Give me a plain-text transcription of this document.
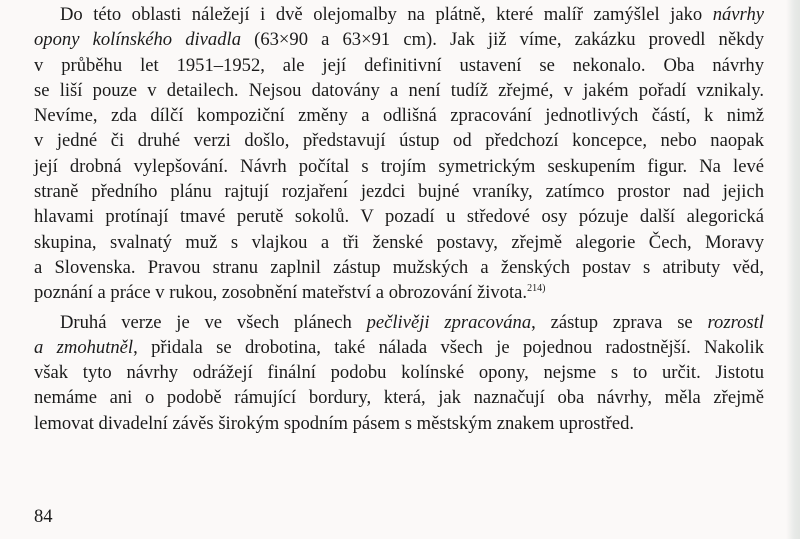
Do této oblasti náležejí i dvě olejomalby na plátně, které malíř zamýšlel jako návrhy
opony kolínského divadla (63×90 a 63×91 cm). Jak již víme, zakázku provedl někdy
v průběhu let 1951–1952, ale její definitivní ustavení se nekonalo. Oba návrhy
se liší pouze v detailech. Nejsou datovány a není tudíž zřejmé, v jakém pořadí vznikaly.
Nevíme, zda dílčí kompoziční změny a odlišná zpracování jednotlivých částí, k nimž
v jedné či druhé verzi došlo, představují ústup od předchozí koncepce, nebo naopak
její drobná vylepšování. Návrh počítal s trojím symetrickým seskupením figur. Na levé
straně předního plánu rajtují rozjařenı́ jezdci bujné vraníky, zatímco prostor nad jejich
hlavami protínají tmavé perutě sokolů. V pozadí u středové osy pózuje další alegorická
skupina, svalnatý muž s vlajkou a tři ženské postavy, zřejmě alegorie Čech, Moravy
a Slovenska. Pravou stranu zaplnil zástup mužských a ženských postav s atributy věd,
poznání a práce v rukou, zosobnění mateřství a obrozování života.$^{214)}$

Druhá verze je ve všech plánech pečlivěji zpracována, zástup zprava se rozrostl
a zmohutněl, přidala se drobotina, také nálada všech je pojednou radostnější. Nakolik
však tyto návrhy odrážejí finální podobu kolínské opony, nejsme s to určit. Jistotu
nemáme ani o podobě rámující bordury, která, jak naznačují oba návrhy, měla zřejmě
lemovat divadelní závěs širokým spodním pásem s městským znakem uprostřed.

84
